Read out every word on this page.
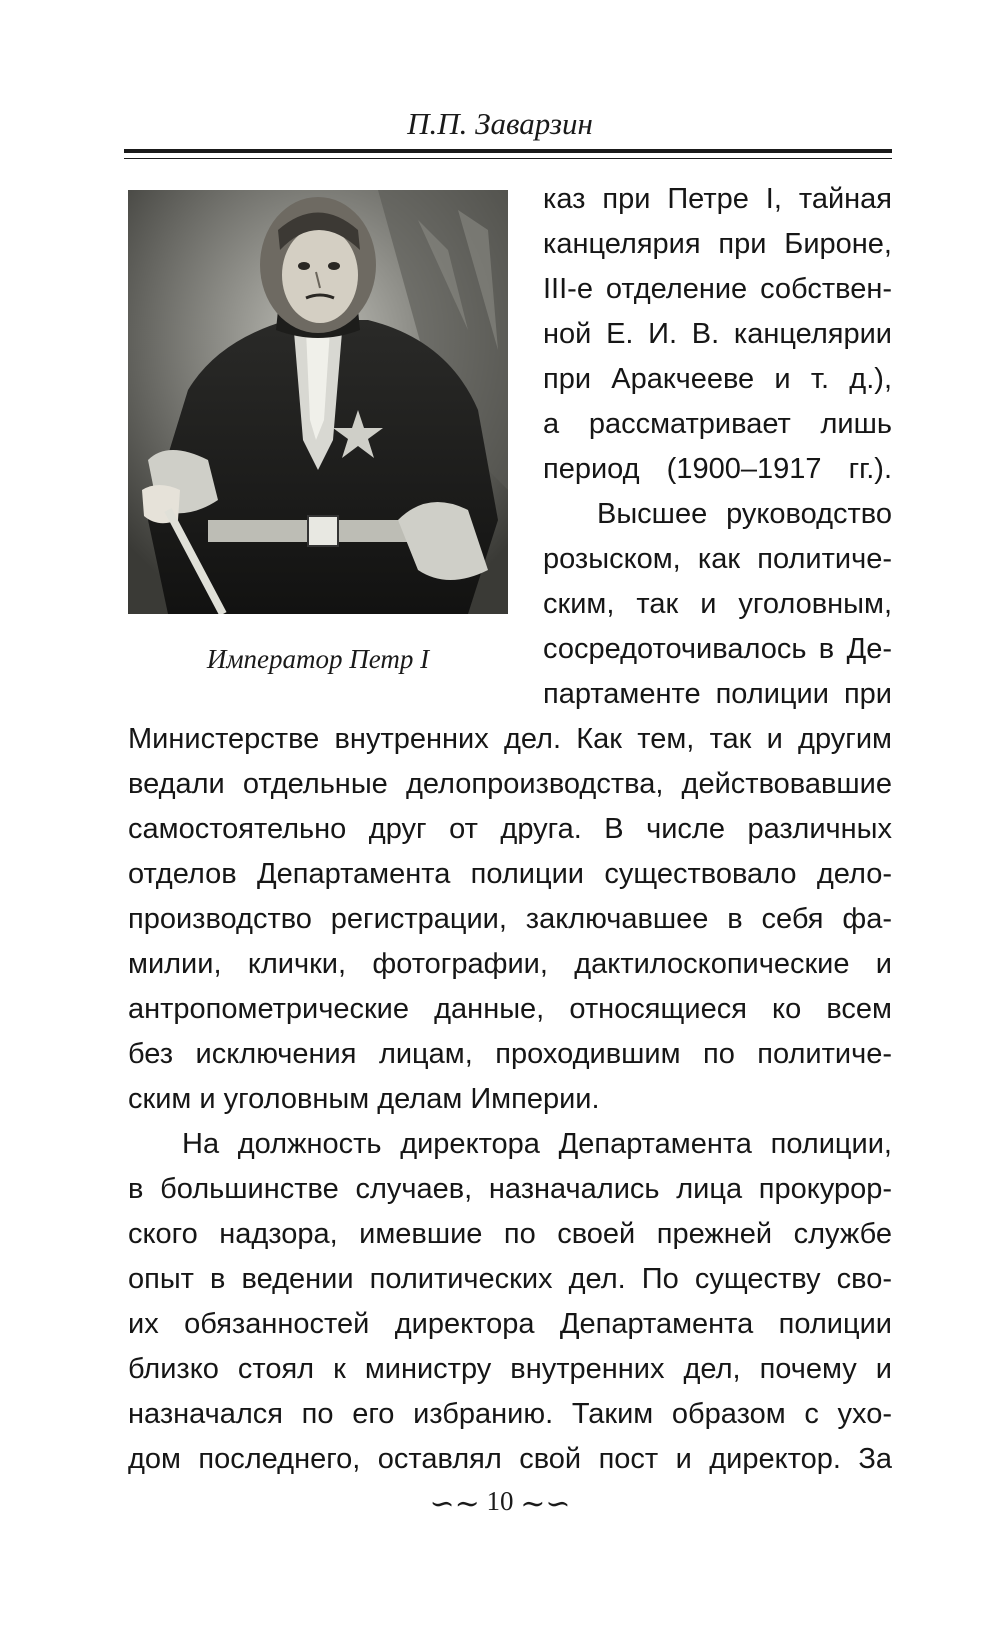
П.П. Заварзин
Император Петр I
каз при Петре I, тайная
канцелярия при Бироне,
III-е отделение собствен-
ной Е. И. В. канцелярии
при Аракчееве и т. д.),
а рассматривает лишь
период (1900–1917 гг.).
Высшее руководство
розыском, как политиче-
ским, так и уголовным,
сосредоточивалось в Де-
партаменте полиции при
Министерстве внутренних дел. Как тем, так и другим
ведали отдельные делопроизводства, действовавшие
самостоятельно друг от друга. В числе различных
отделов Департамента полиции существовало дело-
производство регистрации, заключавшее в себя фа-
милии, клички, фотографии, дактилоскопические и
антропометрические данные, относящиеся ко всем
без исключения лицам, проходившим по политиче-
ским и уголовным делам Империи.
На должность директора Департамента полиции,
в большинстве случаев, назначались лица прокурор-
ского надзора, имевшие по своей прежней службе
опыт в ведении политических дел. По существу сво-
их обязанностей директора Департамента полиции
близко стоял к министру внутренних дел, почему и
назначался по его избранию. Таким образом с ухо-
дом последнего, оставлял свой пост и директор. За
∽∼ 10 ∼∽
